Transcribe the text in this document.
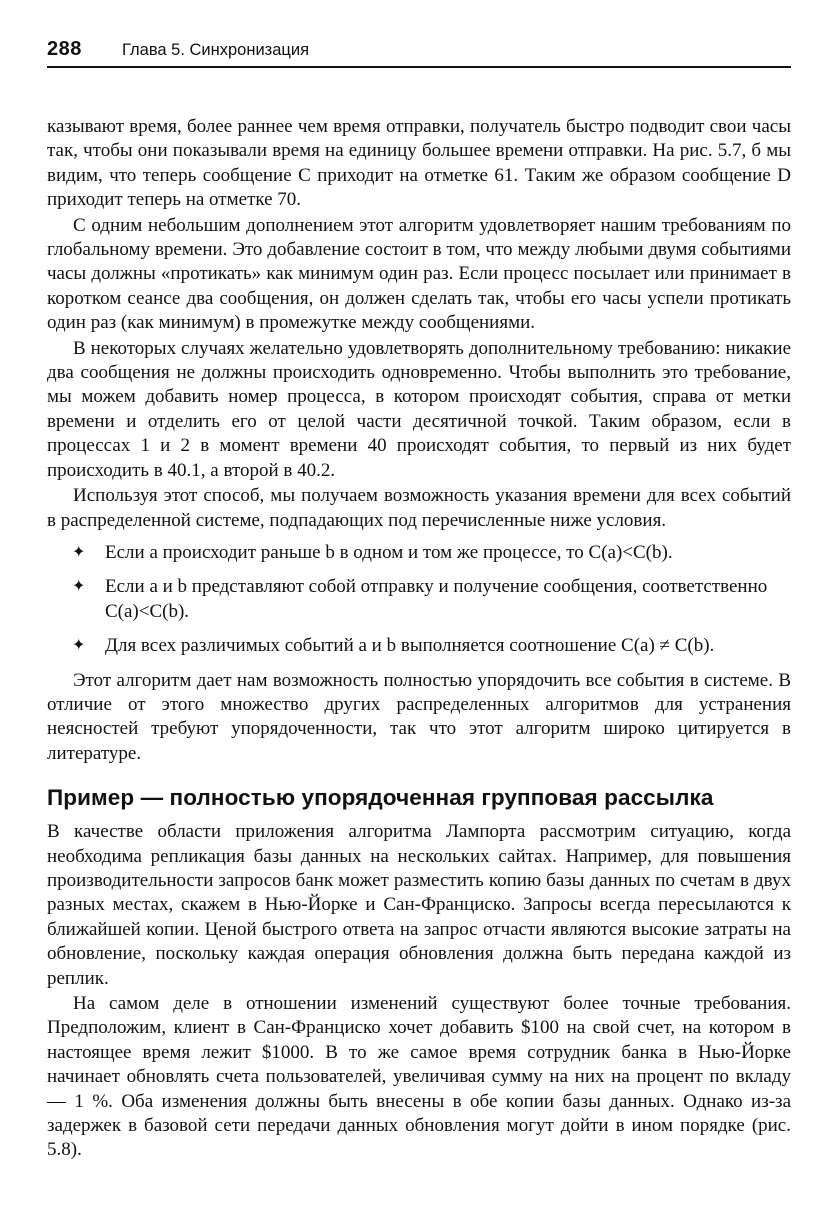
288 Глава 5. Синхронизация

казывают время, более раннее чем время отправки, получатель быстро подводит свои часы так, чтобы они показывали время на единицу большее времени отправки. На рис. 5.7, б мы видим, что теперь сообщение C приходит на отметке 61. Таким же образом сообщение D приходит теперь на отметке 70.

С одним небольшим дополнением этот алгоритм удовлетворяет нашим требованиям по глобальному времени. Это добавление состоит в том, что между любыми двумя событиями часы должны «протикать» как минимум один раз. Если процесс посылает или принимает в коротком сеансе два сообщения, он должен сделать так, чтобы его часы успели протикать один раз (как минимум) в промежутке между сообщениями.

В некоторых случаях желательно удовлетворять дополнительному требованию: никакие два сообщения не должны происходить одновременно. Чтобы выполнить это требование, мы можем добавить номер процесса, в котором происходят события, справа от метки времени и отделить его от целой части десятичной точкой. Таким образом, если в процессах 1 и 2 в момент времени 40 происходят события, то первый из них будет происходить в 40.1, а второй в 40.2.

Используя этот способ, мы получаем возможность указания времени для всех событий в распределенной системе, подпадающих под перечисленные ниже условия.

✦ Если a происходит раньше b в одном и том же процессе, то C(a)<C(b).
✦ Если a и b представляют собой отправку и получение сообщения, соответственно C(a)<C(b).
✦ Для всех различимых событий a и b выполняется соотношение C(a) ≠ C(b).

Этот алгоритм дает нам возможность полностью упорядочить все события в системе. В отличие от этого множество других распределенных алгоритмов для устранения неясностей требуют упорядоченности, так что этот алгоритм широко цитируется в литературе.

Пример — полностью упорядоченная групповая рассылка

В качестве области приложения алгоритма Лампорта рассмотрим ситуацию, когда необходима репликация базы данных на нескольких сайтах. Например, для повышения производительности запросов банк может разместить копию базы данных по счетам в двух разных местах, скажем в Нью-Йорке и Сан-Франциско. Запросы всегда пересылаются к ближайшей копии. Ценой быстрого ответа на запрос отчасти являются высокие затраты на обновление, поскольку каждая операция обновления должна быть передана каждой из реплик.

На самом деле в отношении изменений существуют более точные требования. Предположим, клиент в Сан-Франциско хочет добавить $100 на свой счет, на котором в настоящее время лежит $1000. В то же самое время сотрудник банка в Нью-Йорке начинает обновлять счета пользователей, увеличивая сумму на них на процент по вкладу — 1 %. Оба изменения должны быть внесены в обе копии базы данных. Однако из-за задержек в базовой сети передачи данных обновления могут дойти в ином порядке (рис. 5.8).
